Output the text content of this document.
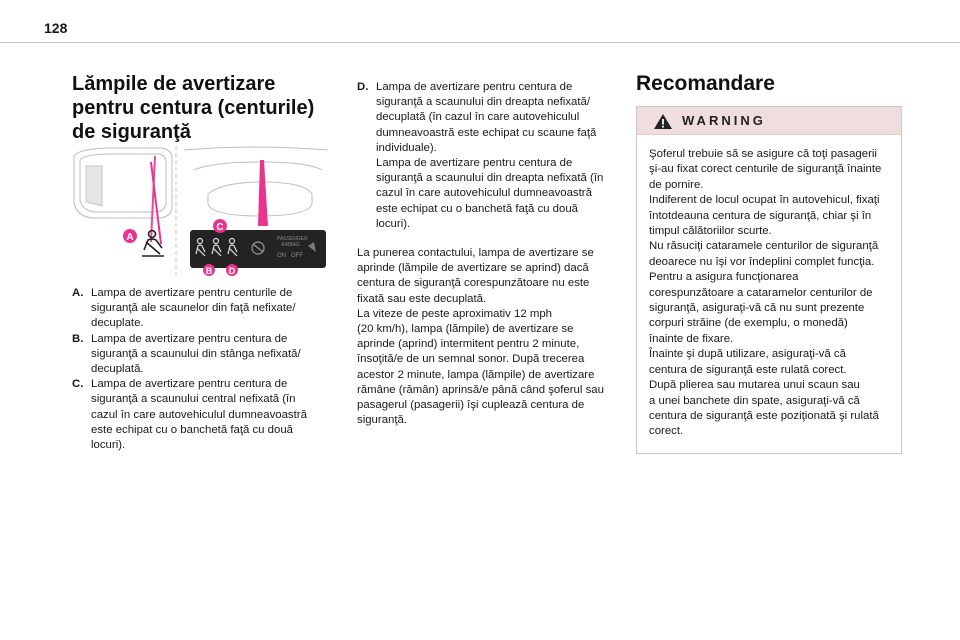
128
Lămpile de avertizare pentru centura (centurile) de siguranţă
A	PASSENGER
AIRBAG
ON OFF
C
B D
A. Lampa de avertizare pentru centurile de
siguranţă ale scaunelor din faţă nefixate/
decuplate.
B. Lampa de avertizare pentru centura de
siguranţă a scaunului din stânga nefixată/
decuplată.
C. Lampa de avertizare pentru centura de
siguranţă a scaunului central nefixată (în
cazul în care autovehiculul dumneavoastră
este echipat cu o banchetă faţă cu două
locuri).
D. Lampa de avertizare pentru centura de
siguranţă a scaunului din dreapta nefixată/
decuplată (în cazul în care autovehiculul
dumneavoastră este echipat cu scaune faţă
individuale).
Lampa de avertizare pentru centura de
siguranţă a scaunului din dreapta nefixată (în
cazul în care autovehiculul dumneavoastră
este echipat cu o banchetă faţă cu două
locuri).

La punerea contactului, lampa de avertizare se
aprinde (lămpile de avertizare se aprind) dacă
centura de siguranţă corespunzătoare nu este
fixată sau este decuplată.
La viteze de peste aproximativ 12 mph
(20 km/h), lampa (lămpile) de avertizare se
aprinde (aprind) intermitent pentru 2 minute,
însoţită/e de un semnal sonor. După trecerea
acestor 2 minute, lampa (lămpile) de avertizare
rămâne (rămân) aprinsă/e până când şoferul sau
pasagerul (pasagerii) îşi cuplează centura de
siguranţă.

Recomandare
WARNING
Şoferul trebuie să se asigure că toţi pasagerii
şi-au fixat corect centurile de siguranţă înainte
de pornire.
Indiferent de locul ocupat în autovehicul, fixaţi
întotdeauna centura de siguranţă, chiar şi în
timpul călătoriilor scurte.
Nu răsuciţi cataramele centurilor de siguranţă
deoarece nu îşi vor îndeplini complet funcţia.
Pentru a asigura funcţionarea
corespunzătoare a cataramelor centurilor de
siguranţă, asiguraţi-vă că nu sunt prezente
corpuri străine (de exemplu, o monedă)
înainte de fixare.
Înainte şi după utilizare, asiguraţi-vă că
centura de siguranţă este rulată corect.
După plierea sau mutarea unui scaun sau
a unei banchete din spate, asiguraţi-vă că
centura de siguranţă este poziţionată şi rulată
corect.
